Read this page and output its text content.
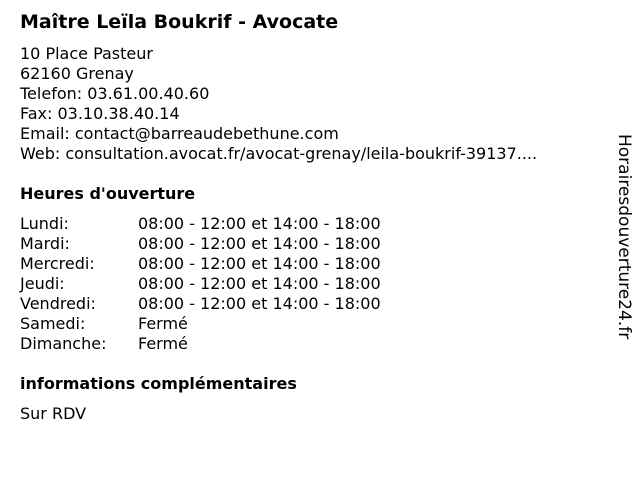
Maître Leïla Boukrif - Avocate
10 Place Pasteur
62160 Grenay
Telefon: 03.61.00.40.60
Fax: 03.10.38.40.14
Email: contact@barreaudebethune.com
Web: consultation.avocat.fr/avocat-grenay/leila-boukrif-39137....
Heures d'ouverture
Lundi:	08:00 - 12:00 et 14:00 - 18:00
Mardi:	08:00 - 12:00 et 14:00 - 18:00
Mercredi:	08:00 - 12:00 et 14:00 - 18:00
Jeudi:	08:00 - 12:00 et 14:00 - 18:00
Vendredi:	08:00 - 12:00 et 14:00 - 18:00
Samedi:	Fermé
Dimanche: Fermé
informations complémentaires
Sur RDV
Horairesdouverture24.fr
